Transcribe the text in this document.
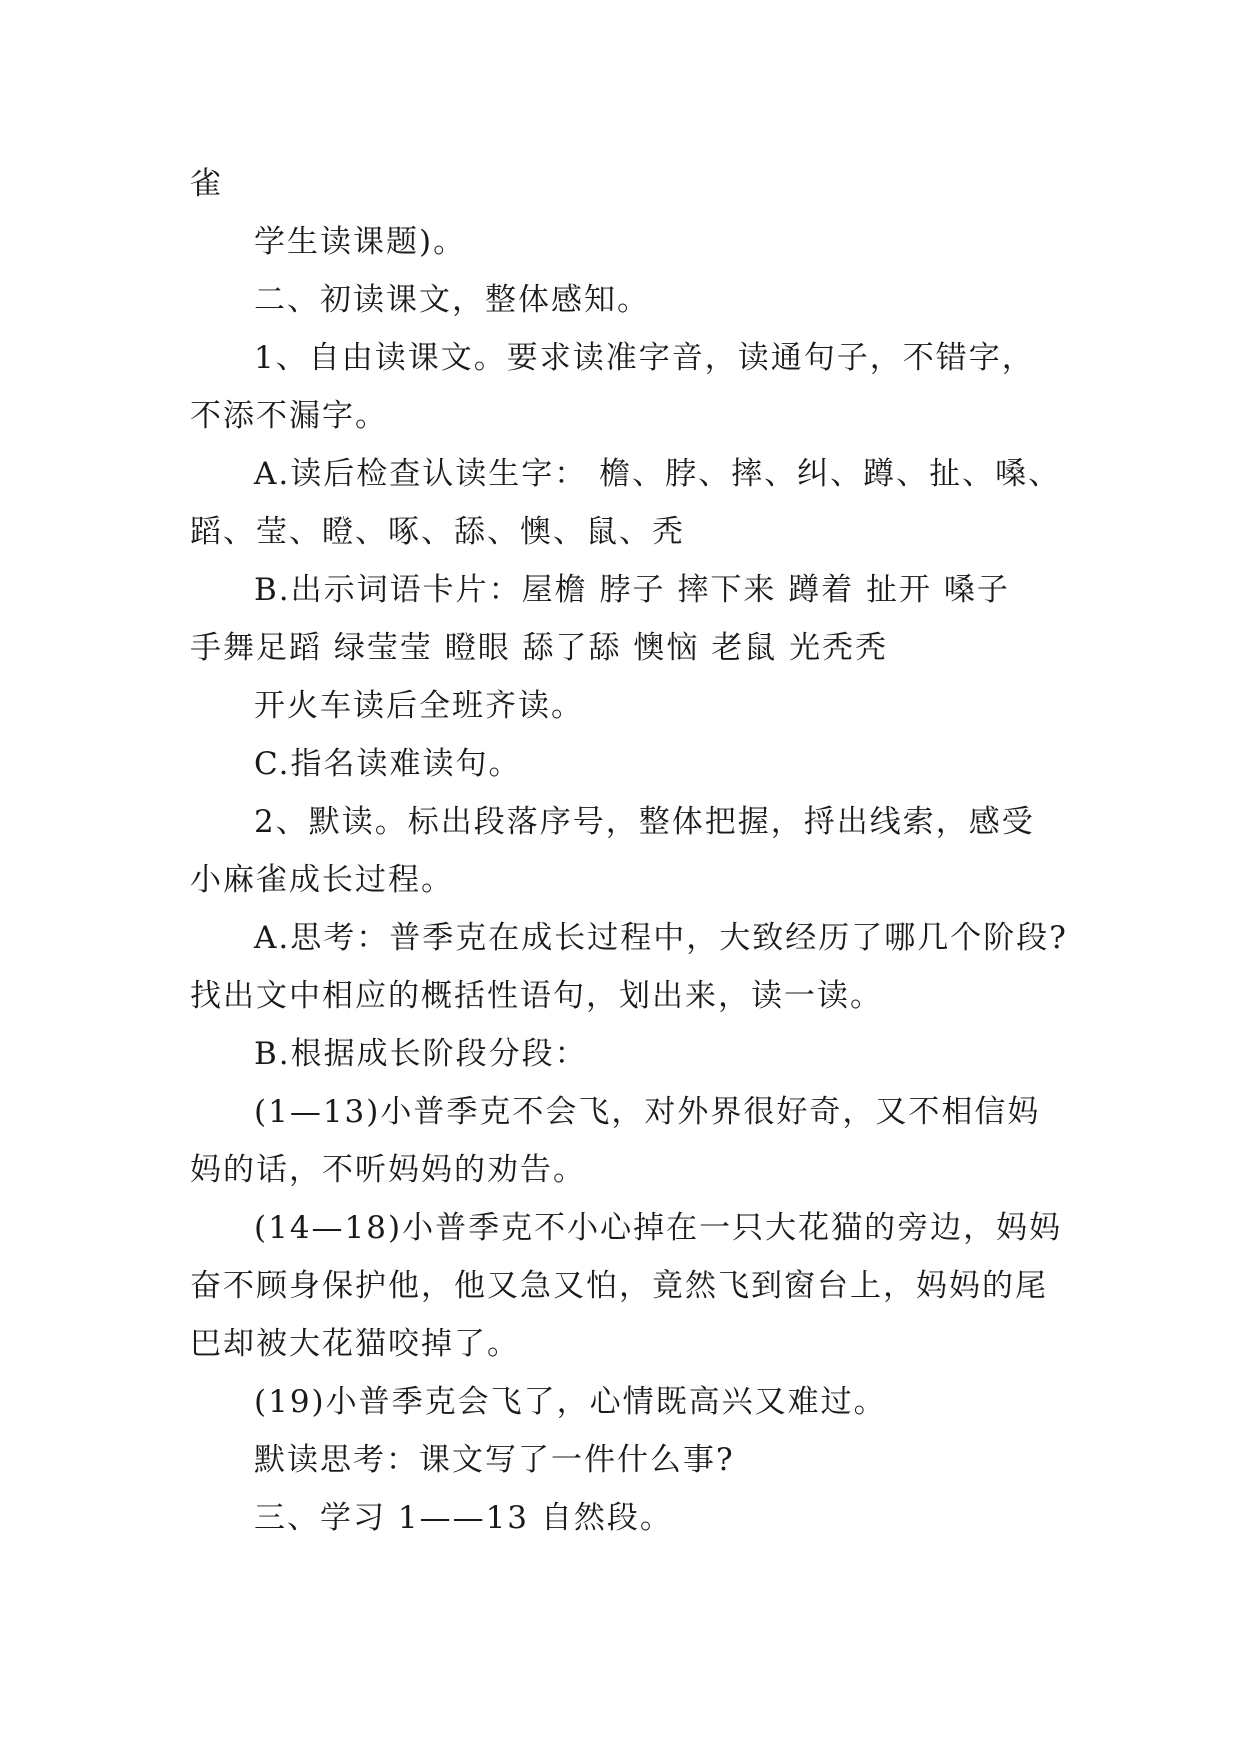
雀
学生读课题)。
二、初读课文，整体感知。
1、自由读课文。要求读准字音，读通句子，不错字，
不添不漏字。
A.读后检查认读生字： 檐、脖、摔、纠、蹲、扯、嗓、
蹈、莹、瞪、啄、舔、懊、鼠、秃
B.出示词语卡片：屋檐 脖子 摔下来 蹲着 扯开 嗓子
手舞足蹈 绿莹莹 瞪眼 舔了舔 懊恼 老鼠 光秃秃
开火车读后全班齐读。
C.指名读难读句。
2、默读。标出段落序号，整体把握，捋出线索，感受
小麻雀成长过程。
A.思考：普季克在成长过程中，大致经历了哪几个阶段?
找出文中相应的概括性语句，划出来，读一读。
B.根据成长阶段分段：
(1—13)小普季克不会飞，对外界很好奇，又不相信妈
妈的话，不听妈妈的劝告。
(14—18)小普季克不小心掉在一只大花猫的旁边，妈妈
奋不顾身保护他，他又急又怕，竟然飞到窗台上，妈妈的尾
巴却被大花猫咬掉了。
(19)小普季克会飞了，心情既高兴又难过。
默读思考：课文写了一件什么事?
三、学习 1——13 自然段。
